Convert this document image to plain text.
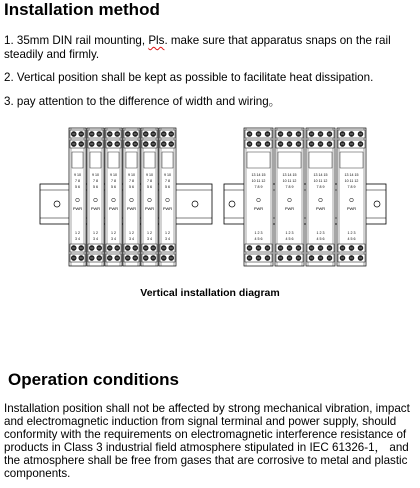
Installation method

1. 35mm DIN rail mounting, Pls. make sure that apparatus snaps on the rail steadily and firmly.

2. Vertical position shall be kept as possible to facilitate heat dissipation.

3. pay attention to the difference of width and wiring。

9 10
7 8
5 6
PWR
1 2
3 4
9 10
7 8
5 6
PWR
1 2
3 4
9 10
7 8
5 6
PWR
1 2
3 4
9 10
7 8
5 6
PWR
1 2
3 4
9 10
7 8
5 6
PWR
1 2
3 4
9 10
7 8
5 6
PWR
1 2
3 4
13 14 15
10 11 12
7 8 9
PWR
1 2 3
4 5 6
13 14 15
10 11 12
7 8 9
PWR
1 2 3
4 5 6
13 14 15
10 11 12
7 8 9
PWR
1 2 3
4 5 6
13 14 15
10 11 12
7 8 9
PWR
1 2 3
4 5 6
Vertical installation diagram
Operation conditions

Installation position shall not be affected by strong mechanical vibration, impact and electromagnetic induction from signal terminal and power supply, should conformity with the requirements on electromagnetic interference resistance of products in Class 3 industrial field atmosphere stipulated in IEC 61326-1， and the atmosphere shall be free from gases that are corrosive to metal and plastic components.
